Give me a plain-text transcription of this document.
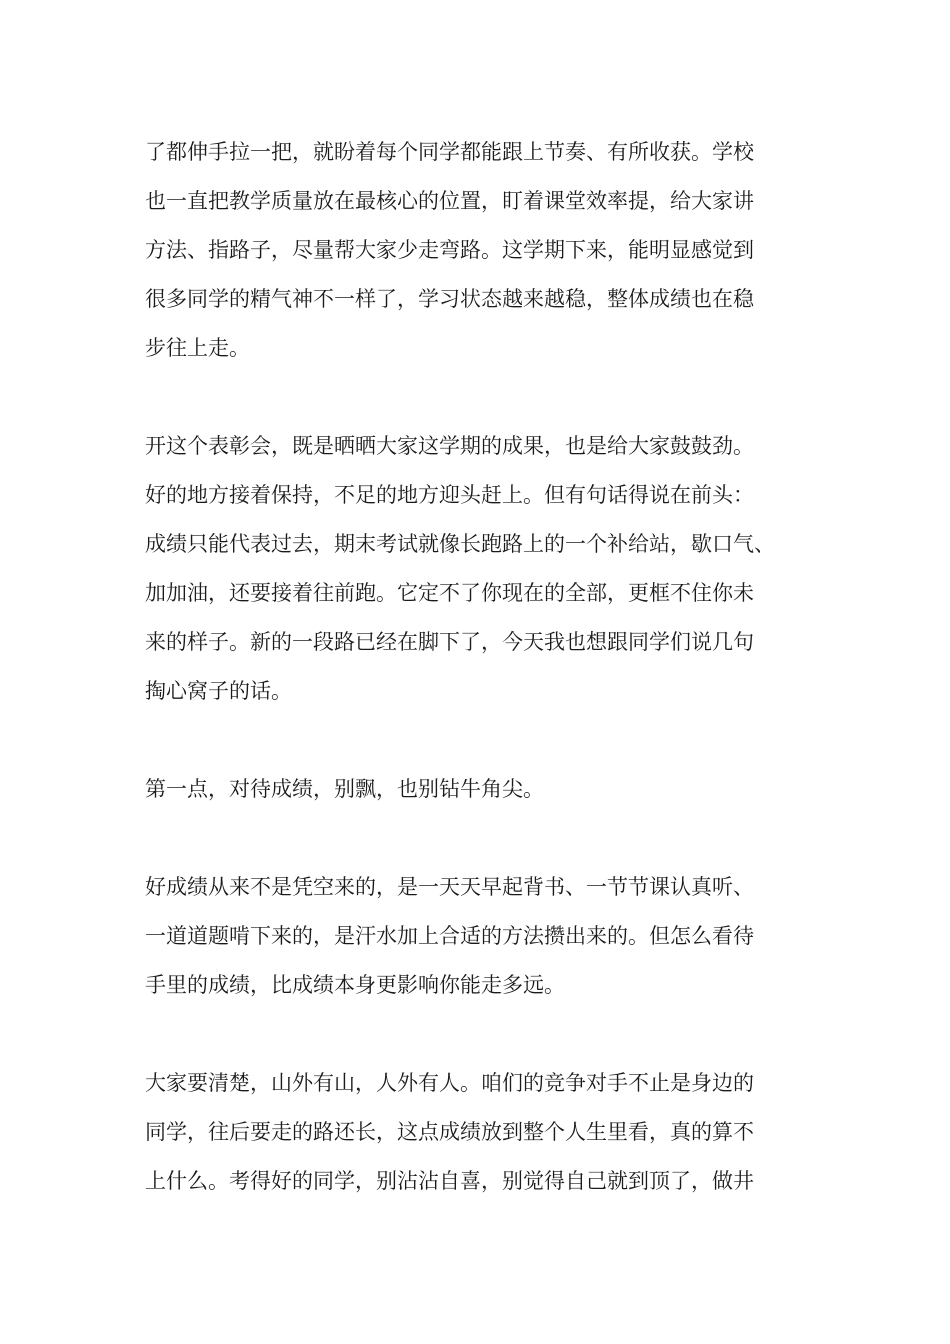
了都伸手拉一把，就盼着每个同学都能跟上节奏、有所收获。学校
也一直把教学质量放在最核心的位置，盯着课堂效率提，给大家讲
方法、指路子，尽量帮大家少走弯路。这学期下来，能明显感觉到
很多同学的精气神不一样了，学习状态越来越稳，整体成绩也在稳
步往上走。
开这个表彰会，既是晒晒大家这学期的成果，也是给大家鼓鼓劲。
好的地方接着保持，不足的地方迎头赶上。但有句话得说在前头：
成绩只能代表过去，期末考试就像长跑路上的一个补给站，歇口气、
加加油，还要接着往前跑。它定不了你现在的全部，更框不住你未
来的样子。新的一段路已经在脚下了，今天我也想跟同学们说几句
掏心窝子的话。
第一点，对待成绩，别飘，也别钻牛角尖。
好成绩从来不是凭空来的，是一天天早起背书、一节节课认真听、
一道道题啃下来的，是汗水加上合适的方法攒出来的。但怎么看待
手里的成绩，比成绩本身更影响你能走多远。
大家要清楚，山外有山，人外有人。咱们的竞争对手不止是身边的
同学，往后要走的路还长，这点成绩放到整个人生里看，真的算不
上什么。考得好的同学，别沾沾自喜，别觉得自己就到顶了，做井
